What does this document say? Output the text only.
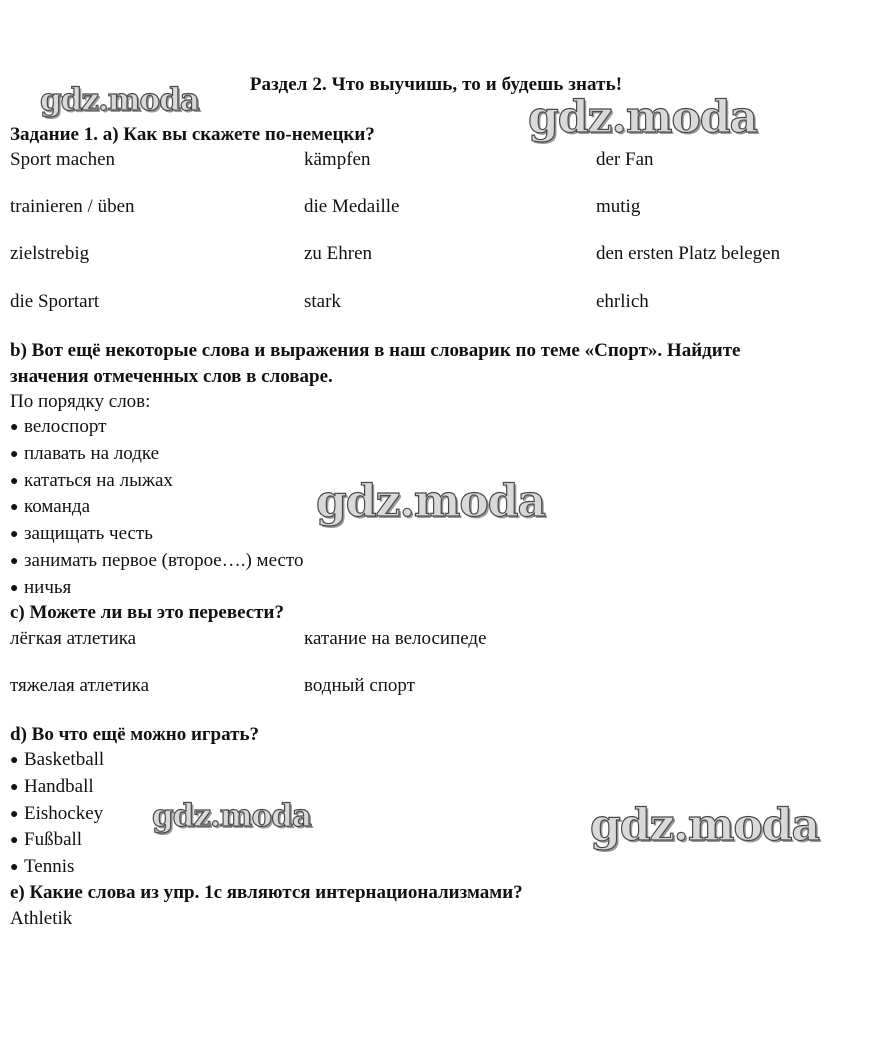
Раздел 2. Что выучишь, то и будешь знать!
Задание 1. а) Как вы скажете по-немецки?
Sport machen	kämpfen	der Fan
trainieren / üben	die Medaille	mutig
zielstrebig	zu Ehren	den ersten Platz belegen
die Sportart	stark	ehrlich
b) Вот ещё некоторые слова и выражения в наш словарик по теме «Спорт». Найдите
значения отмеченных слов в словаре.
По порядку слов:
● велоспорт
● плавать на лодке
● кататься на лыжах
● команда
● защищать честь
● занимать первое (второе….) место
● ничья
с) Можете ли вы это перевести?
лёгкая атлетика	катание на велосипеде
тяжелая атлетика	водный спорт
d) Во что ещё можно играть?
● Basketball
● Handball
● Eishockey
● Fußball
● Tennis
е) Какие слова из упр. 1с являются интернационализмами?
Athletik
gdz.moda	gdz.moda
gdz.moda
gdz.moda	gdz.moda
